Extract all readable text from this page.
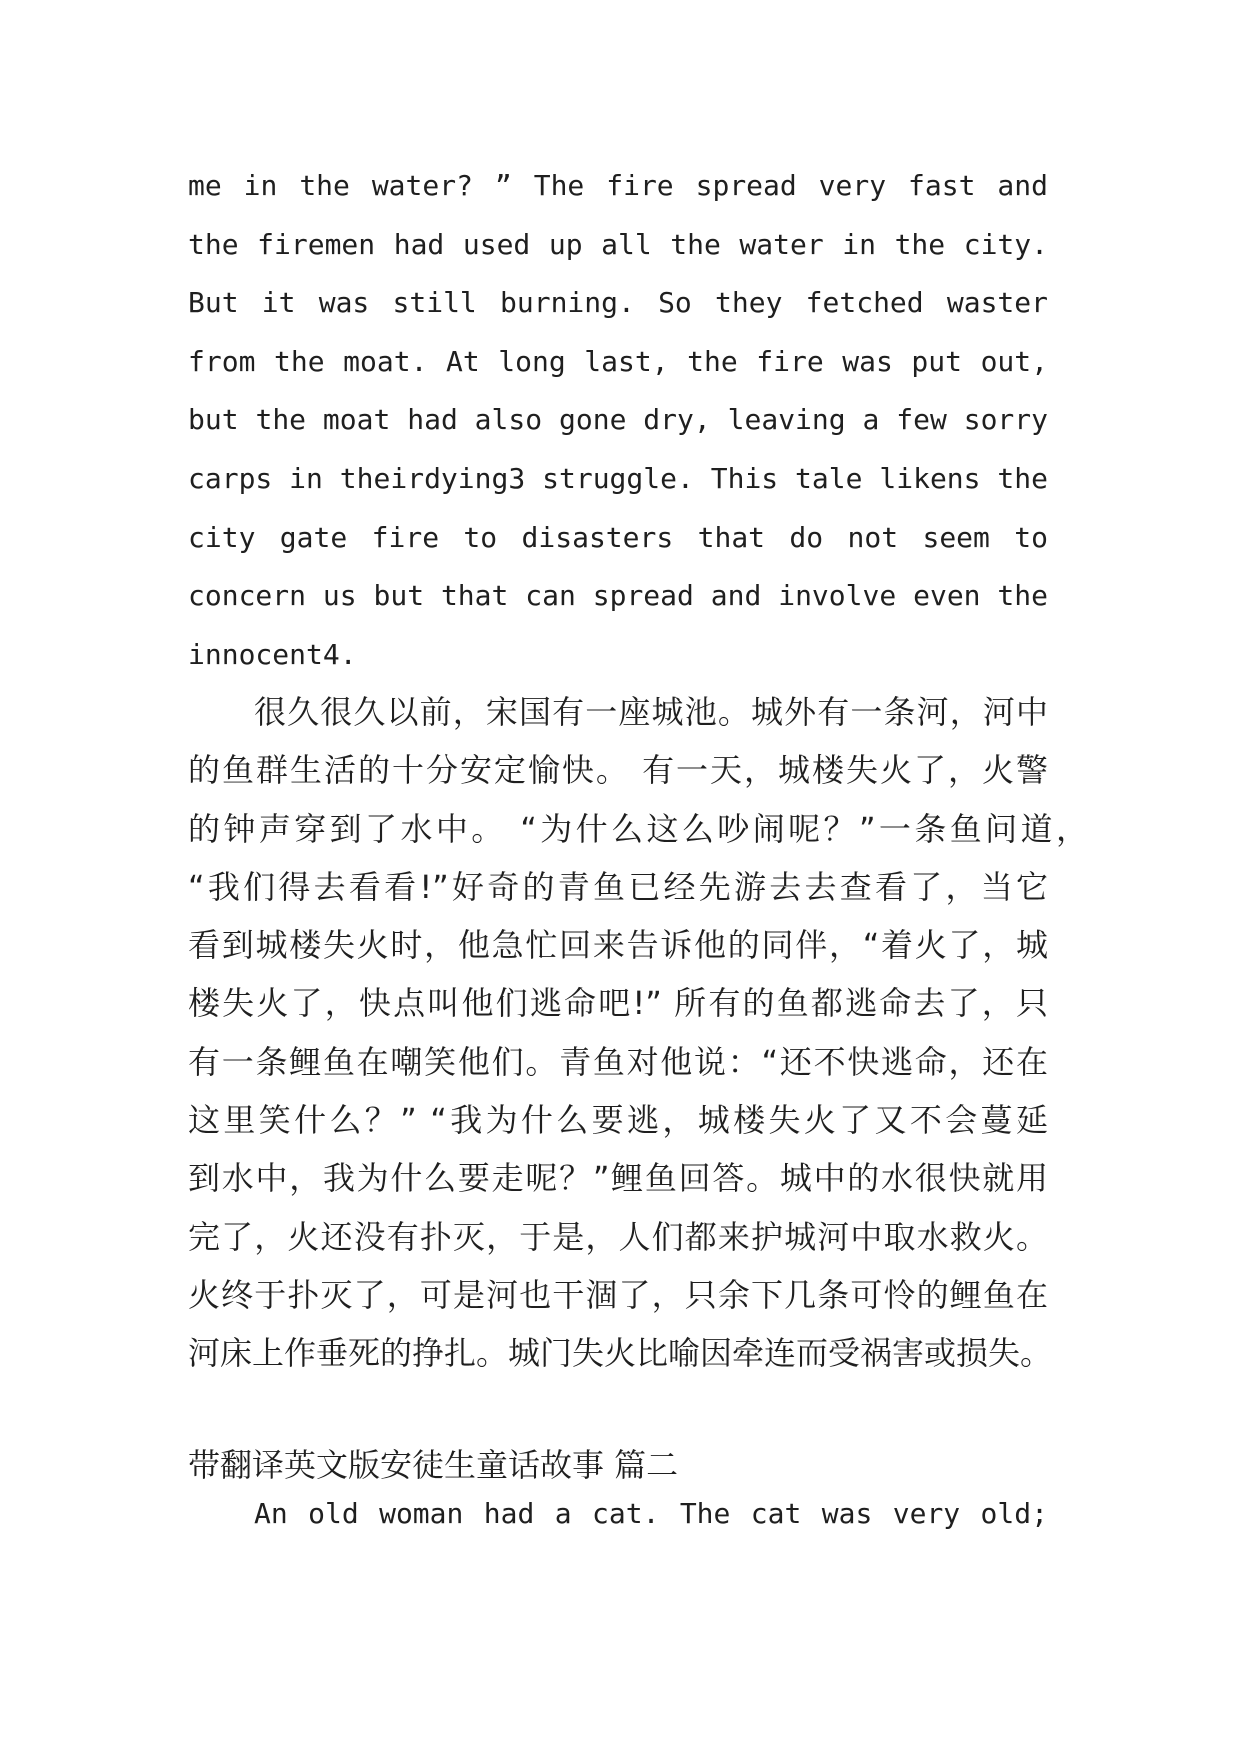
me in the water? ” The fire spread very fast and
the firemen had used up all the water in the city.
But it was still burning. So they fetched waster
from the moat. At long last, the fire was put out,
but the moat had also gone dry, leaving a few sorry
carps in theirdying3 struggle. This tale likens the
city gate fire to disasters that do not seem to
concern us but that can spread and involve even the
innocent4.
很久很久以前，宋国有一座城池。城外有一条河，河中
的鱼群生活的十分安定愉快。 有一天，城楼失火了，火警
的钟声穿到了水中。 “为什么这么吵闹呢？”一条鱼问道，
“我们得去看看!”好奇的青鱼已经先游去去查看了，当它
看到城楼失火时，他急忙回来告诉他的同伴，“着火了，城
楼失火了，快点叫他们逃命吧!” 所有的鱼都逃命去了，只
有一条鲤鱼在嘲笑他们。青鱼对他说：“还不快逃命，还在
这里笑什么？” “我为什么要逃，城楼失火了又不会蔓延
到水中，我为什么要走呢？”鲤鱼回答。城中的水很快就用
完了，火还没有扑灭，于是，人们都来护城河中取水救火。
火终于扑灭了，可是河也干涸了，只余下几条可怜的鲤鱼在
河床上作垂死的挣扎。城门失火比喻因牵连而受祸害或损失。
带翻译英文版安徒生童话故事 篇二
An old woman had a cat. The cat was very old;
